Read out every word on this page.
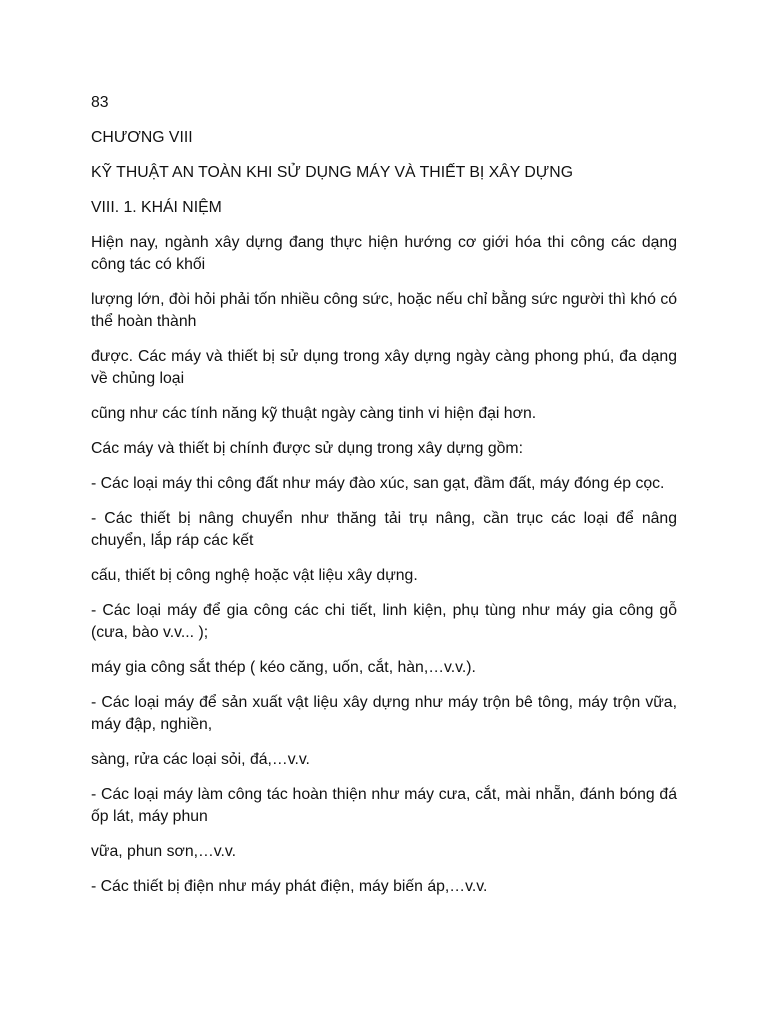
83
CHƯƠNG VIII
KỸ THUẬT AN TOÀN KHI SỬ DỤNG MÁY VÀ THIẾT BỊ XÂY DỰNG
VIII. 1. KHÁI NIỆM
Hiện nay, ngành xây dựng đang thực hiện hướng cơ giới hóa thi công các dạng công tác có khối
lượng lớn, đòi hỏi phải tốn nhiều công sức, hoặc nếu chỉ bằng sức người thì khó có thể hoàn thành
được. Các máy và thiết bị sử dụng trong xây dựng ngày càng phong phú, đa dạng về chủng loại
cũng như các tính năng kỹ thuật ngày càng tinh vi hiện đại hơn.
Các máy và thiết bị chính được sử dụng trong xây dựng gồm:
- Các loại máy thi công đất như máy đào xúc, san gạt, đầm đất, máy đóng ép cọc.
- Các thiết bị nâng chuyển như thăng tải trụ nâng, cần trục các loại để nâng chuyển, lắp ráp các kết
cấu, thiết bị công nghệ hoặc vật liệu xây dựng.
- Các loại máy để gia công các chi tiết, linh kiện, phụ tùng như máy gia công gỗ (cưa, bào v.v... );
máy gia công sắt thép ( kéo căng, uốn, cắt, hàn,…v.v.).
- Các loại máy để sản xuất vật liệu xây dựng như máy trộn bê tông, máy trộn vữa, máy đập, nghiền,
sàng, rửa các loại sỏi, đá,…v.v.
- Các loại máy làm công tác hoàn thiện như máy cưa, cắt, mài nhẵn, đánh bóng đá ốp lát, máy phun
vữa, phun sơn,…v.v.
- Các thiết bị điện như máy phát điện, máy biến áp,…v.v.
